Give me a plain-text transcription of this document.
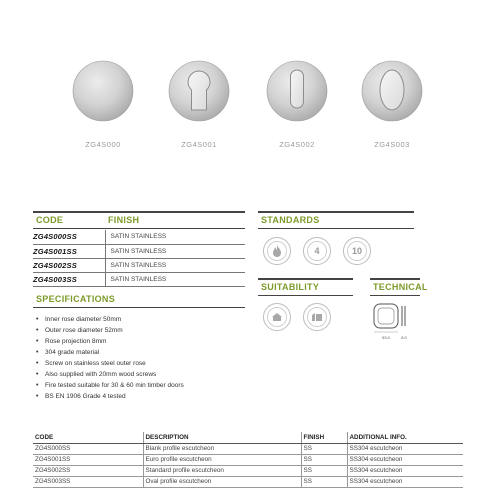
ZG4S000	ZG4S001	ZG4S002	ZG4S003
CODE	FINISH
ZG4S000SS	SATIN STAINLESS
ZG4S001SS	SATIN STAINLESS
ZG4S002SS	SATIN STAINLESS
ZG4S003SS	SATIN STAINLESS
SPECIFICATIONS
• Inner rose diameter 50mm
• Outer rose diameter 52mm
• Rose projection 8mm
• 304 grade material
• Screw on stainless steel outer rose
• Also supplied with 20mm wood screws
• Fire tested suitable for 30 & 60 min timber doors
• BS EN 1906 Grade 4 tested
STANDARDS
4	10
SUITABILITY	TECHNICAL
53.0	8.0
CODE	DESCRIPTION	FINISH	ADDITIONAL INFO.
ZG4S000SS	Blank profile escutcheon	SS	SS304 escutcheon
ZG4S001SS	Euro profile escutcheon	SS	SS304 escutcheon
ZG4S002SS	Standard profile escutcheon	SS	SS304 escutcheon
ZG4S003SS	Oval profile escutcheon	SS	SS304 escutcheon
